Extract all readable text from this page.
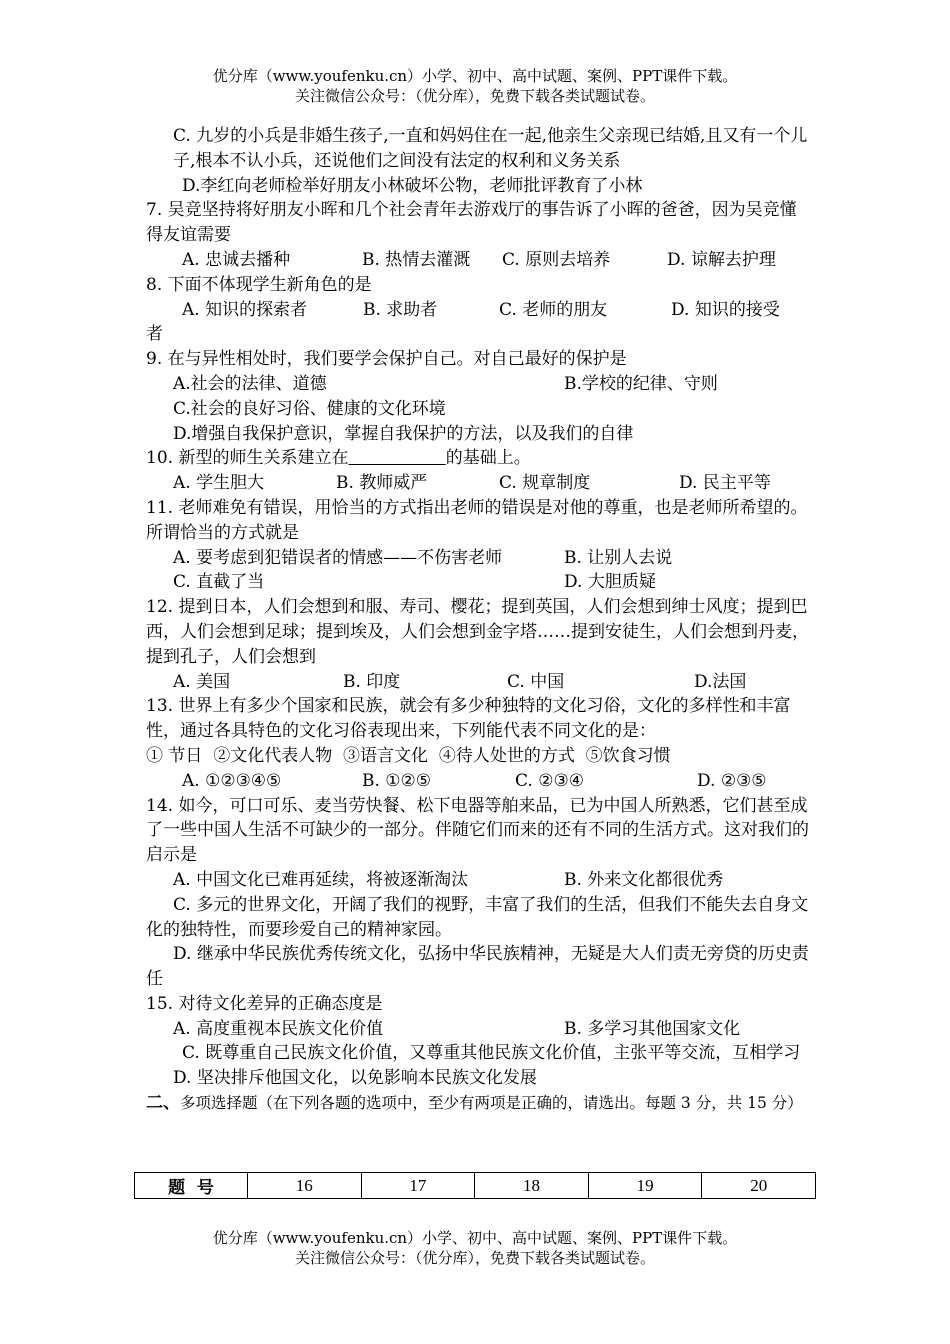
优分库（www.youfenku.cn）小学、初中、高中试题、案例、PPT课件下载。
关注微信公众号：（优分库），免费下载各类试题试卷。
C. 九岁的小兵是非婚生孩子,一直和妈妈住在一起,他亲生父亲现已结婚,且又有一个儿子,根本不认小兵，还说他们之间没有法定的权利和义务关系
D.李红向老师检举好朋友小林破坏公物，老师批评教育了小林
7. 吴竞坚持将好朋友小晖和几个社会青年去游戏厅的事告诉了小晖的爸爸，因为吴竞懂得友谊需要
A. 忠诚去播种	B. 热情去灌溉	C. 原则去培养	D. 谅解去护理
8. 下面不体现学生新角色的是
A. 知识的探索者	B. 求助者	C. 老师的朋友	D. 知识的接受
者
9. 在与异性相处时，我们要学会保护自己。对自己最好的保护是
A.社会的法律、道德	B.学校的纪律、守则
C.社会的良好习俗、健康的文化环境
D.增强自我保护意识，掌握自我保护的方法，以及我们的自律
10. 新型的师生关系建立在	的基础上。
A. 学生胆大	B. 教师威严	C. 规章制度	D. 民主平等
11. 老师难免有错误，用恰当的方式指出老师的错误是对他的尊重，也是老师所希望的。所谓恰当的方式就是
A. 要考虑到犯错误者的情感——不伤害老师	B. 让别人去说
C. 直截了当	D. 大胆质疑
12. 提到日本，人们会想到和服、寿司、樱花；提到英国，人们会想到绅士风度；提到巴西，人们会想到足球；提到埃及，人们会想到金字塔……提到安徒生，人们会想到丹麦，提到孔子，人们会想到
A. 美国	B. 印度	C. 中国	D.法国
13. 世界上有多少个国家和民族，就会有多少种独特的文化习俗，文化的多样性和丰富性，通过各具特色的文化习俗表现出来，下列能代表不同文化的是：
① 节日  ②文化代表人物  ③语言文化  ④待人处世的方式  ⑤饮食习惯
A. ①②③④⑤	B. ①②⑤	C. ②③④	D. ②③⑤
14. 如今，可口可乐、麦当劳快餐、松下电器等舶来品，已为中国人所熟悉，它们甚至成了一些中国人生活不可缺少的一部分。伴随它们而来的还有不同的生活方式。这对我们的启示是
A. 中国文化已难再延续，将被逐渐淘汰	B. 外来文化都很优秀
C. 多元的世界文化，开阔了我们的视野，丰富了我们的生活，但我们不能失去自身文化的独特性，而要珍爱自己的精神家园。
D. 继承中华民族优秀传统文化，弘扬中华民族精神，无疑是大人们责无旁贷的历史责任
15. 对待文化差异的正确态度是
A. 高度重视本民族文化价值	B. 多学习其他国家文化
C. 既尊重自己民族文化价值，又尊重其他民族文化价值，主张平等交流，互相学习
D. 坚决排斥他国文化，以免影响本民族文化发展
二、多项选择题（在下列各题的选项中，至少有两项是正确的，请选出。每题 3 分，共 15 分）
题  号	16	17	18	19	20
优分库（www.youfenku.cn）小学、初中、高中试题、案例、PPT课件下载。
关注微信公众号：（优分库），免费下载各类试题试卷。
